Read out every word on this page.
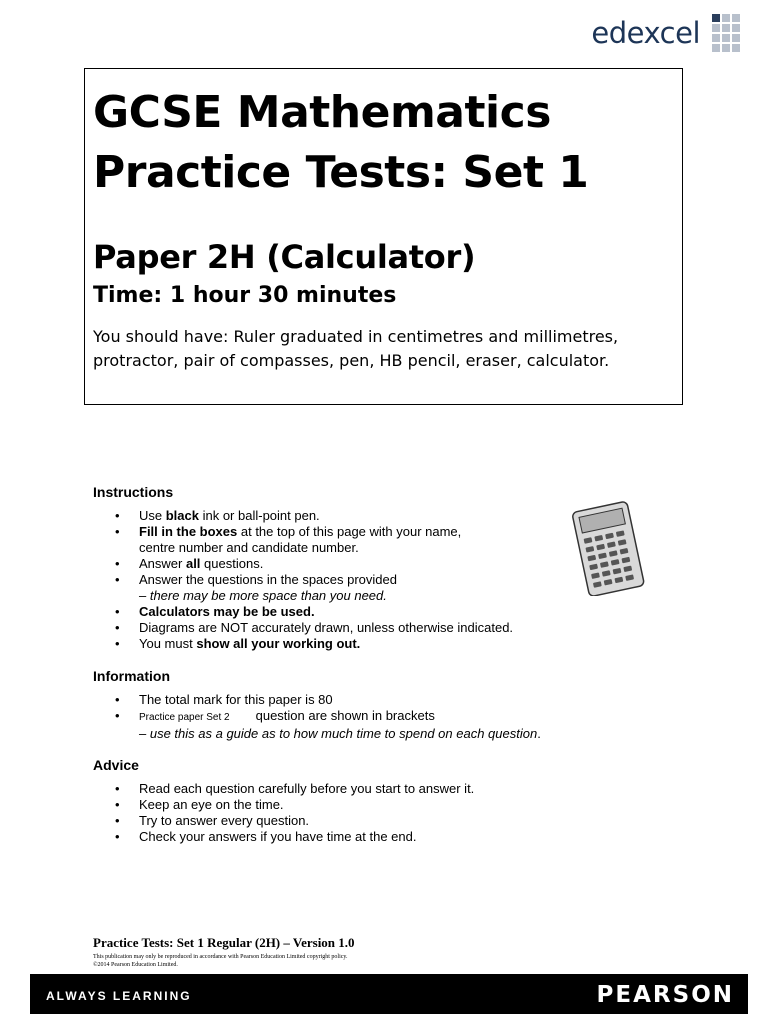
edexcel
GCSE Mathematics
Practice Tests: Set 1
Paper 2H (Calculator)
Time: 1 hour 30 minutes
You should have: Ruler graduated in centimetres and millimetres,
protractor, pair of compasses, pen, HB pencil, eraser, calculator.
Instructions
• Use black ink or ball-point pen.
• Fill in the boxes at the top of this page with your name,
centre number and candidate number.
• Answer all questions.
• Answer the questions in the spaces provided
– there may be more space than you need.
• Calculators may be be used.
• Diagrams are NOT accurately drawn, unless otherwise indicated.
• You must show all your working out.
Information
• The total mark for this paper is 80
• Practice paper Set 2 question are shown in brackets
– use this as a guide as to how much time to spend on each question.
Advice
• Read each question carefully before you start to answer it.
• Keep an eye on the time.
• Try to answer every question.
• Check your answers if you have time at the end.
Practice Tests: Set 1 Regular (2H) – Version 1.0
This publication may only be reproduced in accordance with Pearson Education Limited copyright policy.
©2014 Pearson Education Limited.
ALWAYS LEARNING	PEARSON
